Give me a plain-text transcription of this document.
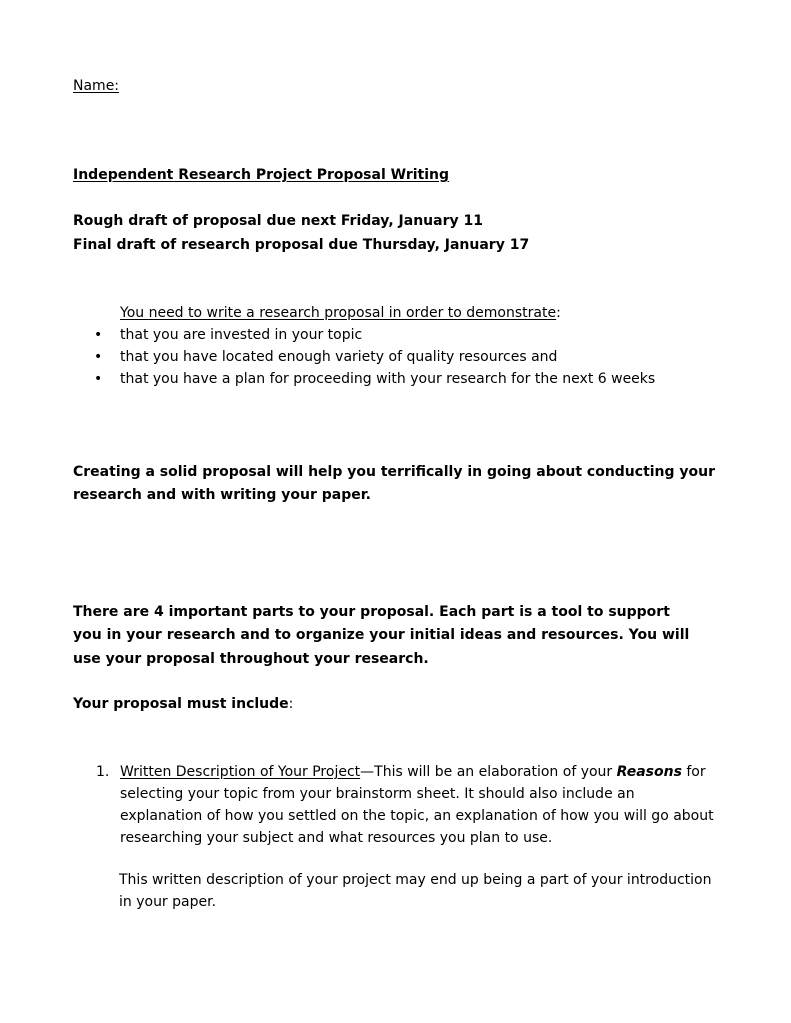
Name:
Independent Research Project Proposal Writing
Rough draft of proposal due next Friday, January 11
Final draft of research proposal due Thursday, January 17
You need to write a research proposal in order to demonstrate:
• that you are invested in your topic
• that you have located enough variety of quality resources and
• that you have a plan for proceeding with your research for the next 6 weeks
Creating a solid proposal will help you terrifically in going about conducting your
research and with writing your paper.
There are 4 important parts to your proposal. Each part is a tool to support
you in your research and to organize your initial ideas and resources. You will
use your proposal throughout your research.
Your proposal must include:
1. Written Description of Your Project—This will be an elaboration of your Reasons for selecting your topic from your brainstorm sheet. It should also include an explanation of how you settled on the topic, an explanation of how you will go about researching your subject and what resources you plan to use.
This written description of your project may end up being a part of your introduction in your paper.
